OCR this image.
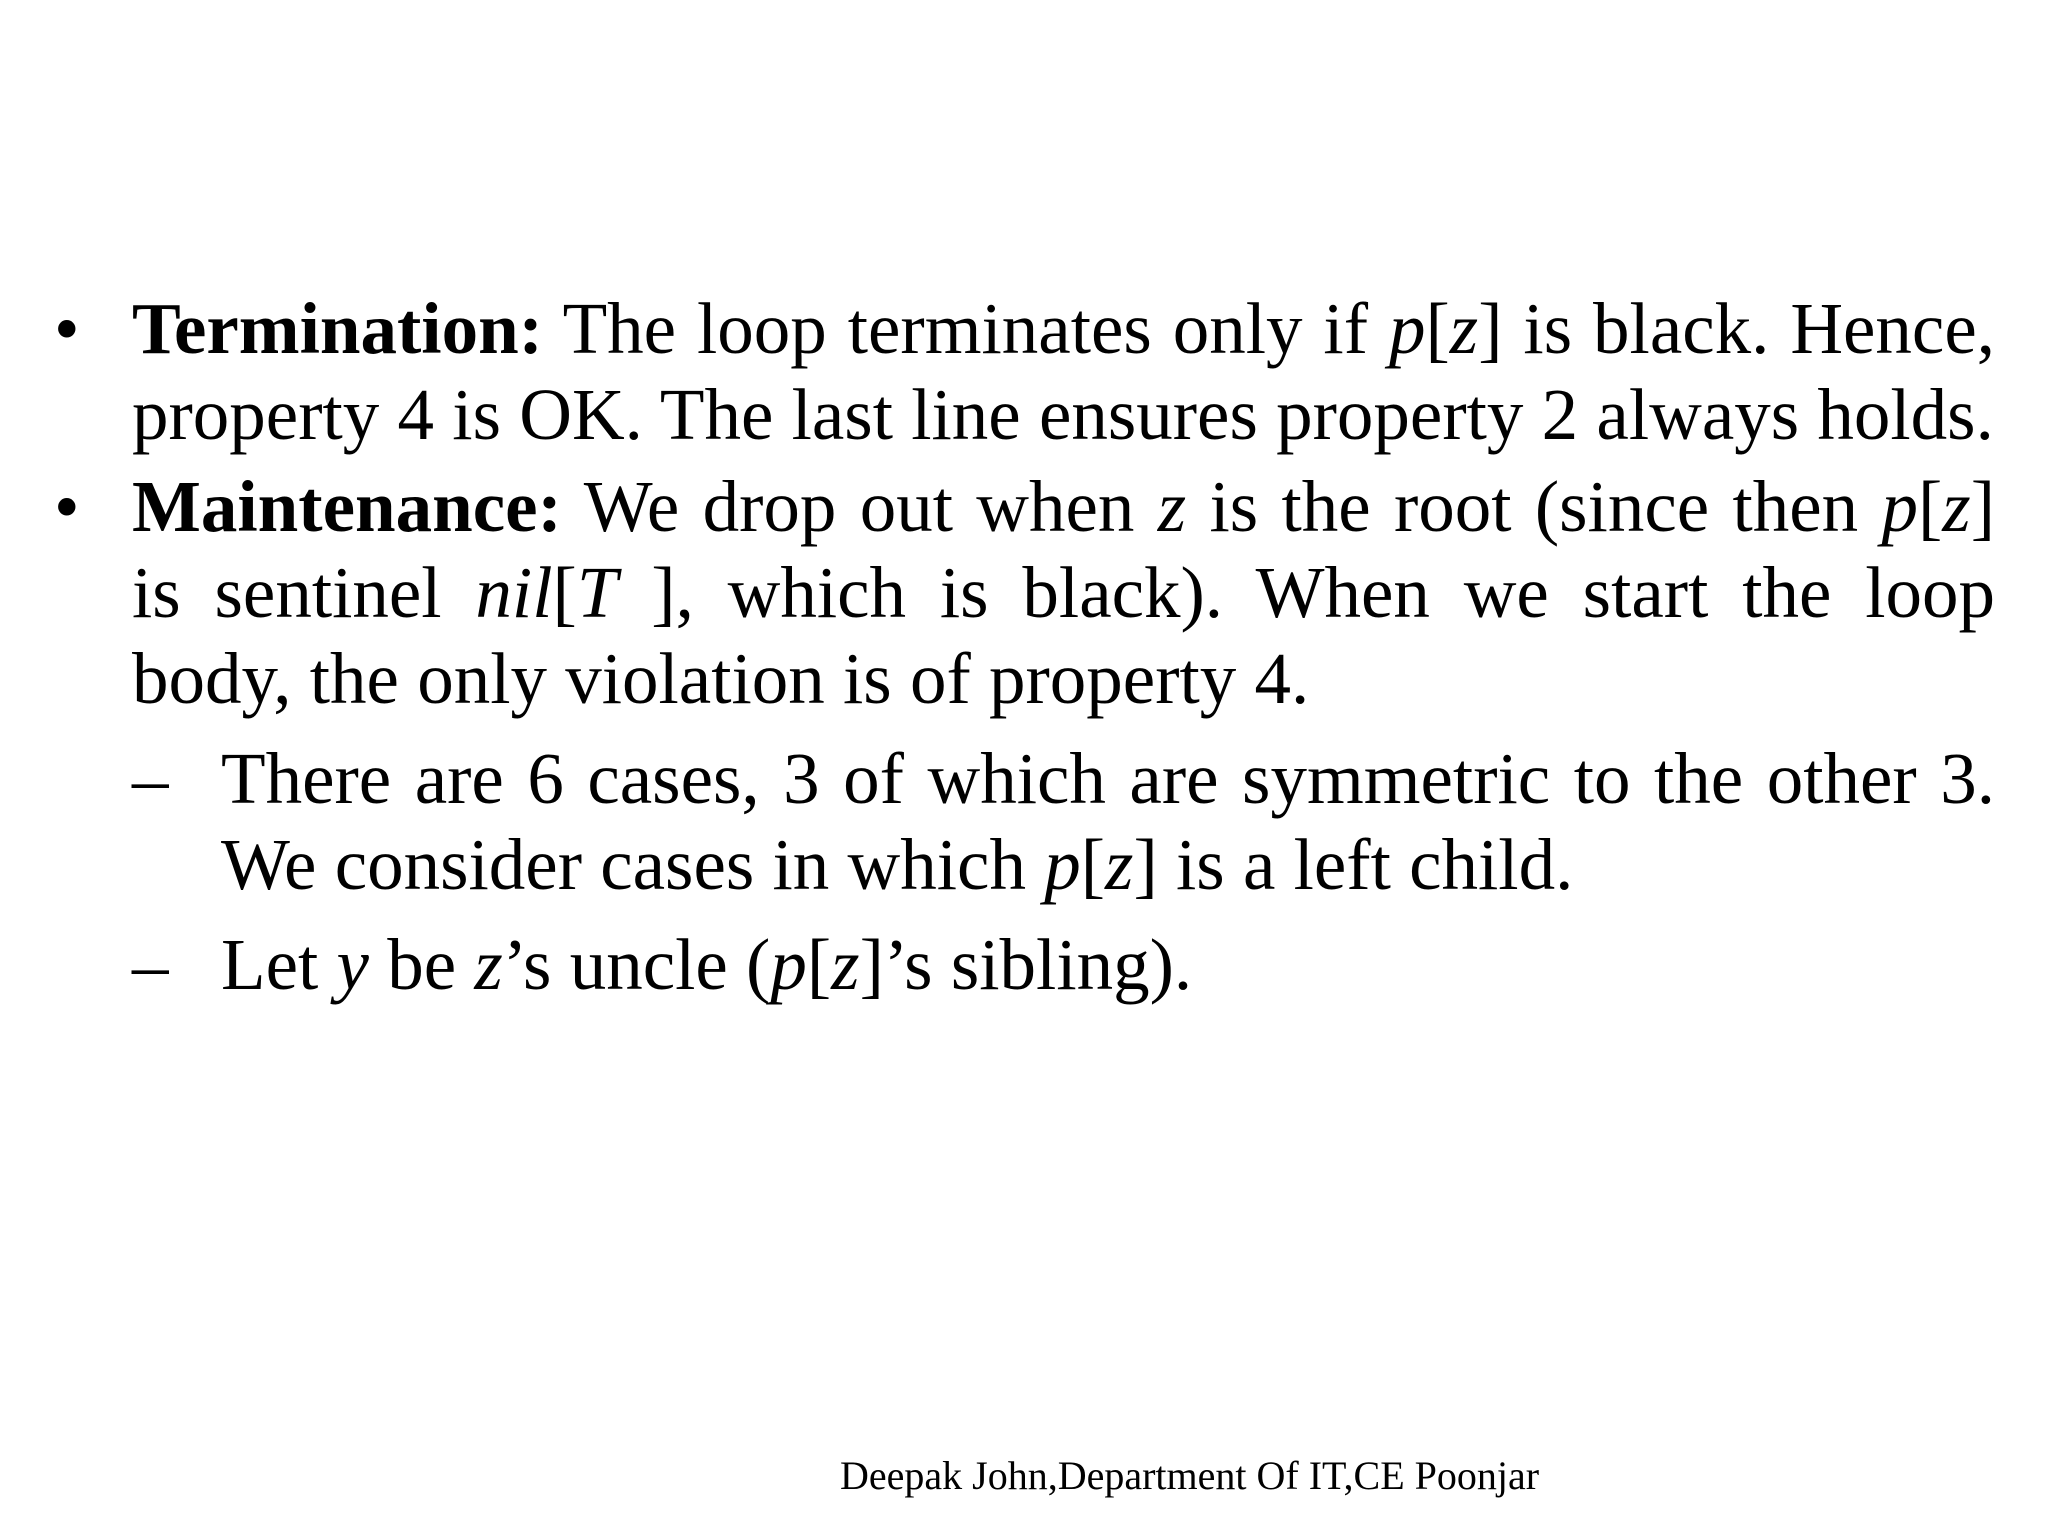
• Termination: The loop terminates only if p[z] is black. Hence, property 4 is OK. The last line ensures property 2 always holds.
• Maintenance: We drop out when z is the root (since then p[z] is sentinel nil[T ], which is black). When we start the loop body, the only violation is of property 4.
– There are 6 cases, 3 of which are symmetric to the other 3. We consider cases in which p[z] is a left child.
– Let y be z’s uncle (p[z]’s sibling).
Deepak John,Department Of IT,CE Poonjar
